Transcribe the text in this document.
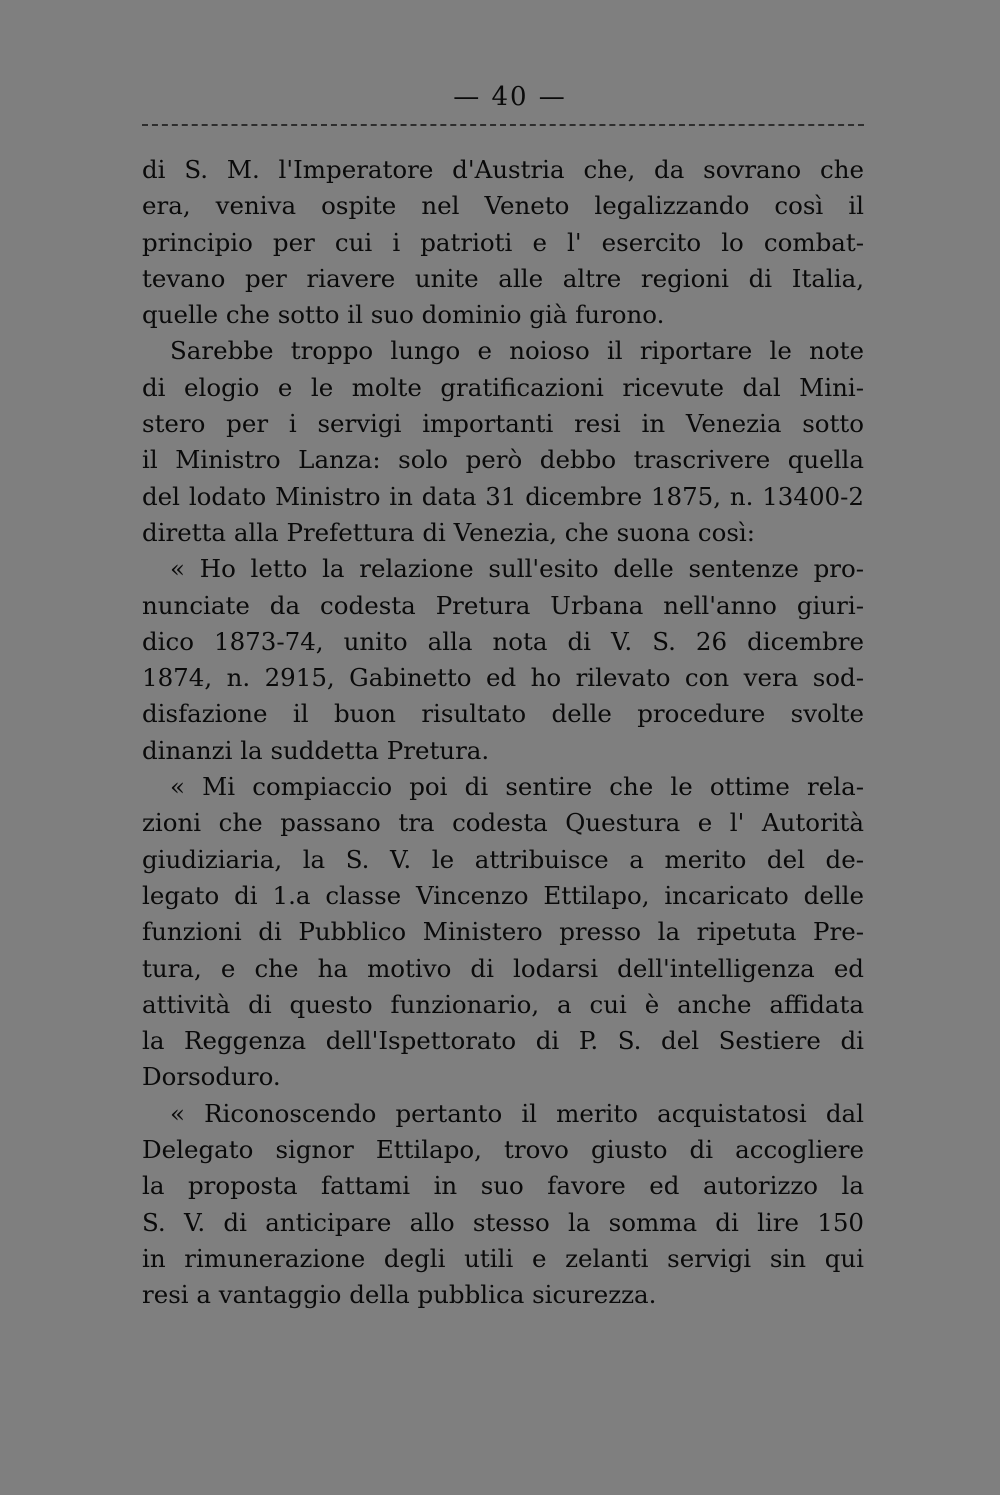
— 40 —
di S. M. l'Imperatore d'Austria che, da sovrano che
era, veniva ospite nel Veneto legalizzando così il
principio per cui i patrioti e l' esercito lo combat-
tevano per riavere unite alle altre regioni di Italia,
quelle che sotto il suo dominio già furono.
Sarebbe troppo lungo e noioso il riportare le note
di elogio e le molte gratificazioni ricevute dal Mini-
stero per i servigi importanti resi in Venezia sotto
il Ministro Lanza: solo però debbo trascrivere quella
del lodato Ministro in data 31 dicembre 1875, n. 13400-2
diretta alla Prefettura di Venezia, che suona così:
« Ho letto la relazione sull'esito delle sentenze pro-
nunciate da codesta Pretura Urbana nell'anno giuri-
dico 1873-74, unito alla nota di V. S. 26 dicembre
1874, n. 2915, Gabinetto ed ho rilevato con vera sod-
disfazione il buon risultato delle procedure svolte
dinanzi la suddetta Pretura.
« Mi compiaccio poi di sentire che le ottime rela-
zioni che passano tra codesta Questura e l' Autorità
giudiziaria, la S. V. le attribuisce a merito del de-
legato di 1.a classe Vincenzo Ettilapo, incaricato delle
funzioni di Pubblico Ministero presso la ripetuta Pre-
tura, e che ha motivo di lodarsi dell'intelligenza ed
attività di questo funzionario, a cui è anche affidata
la Reggenza dell'Ispettorato di P. S. del Sestiere di
Dorsoduro.
« Riconoscendo pertanto il merito acquistatosi dal
Delegato signor Ettilapo, trovo giusto di accogliere
la proposta fattami in suo favore ed autorizzo la
S. V. di anticipare allo stesso la somma di lire 150
in rimunerazione degli utili e zelanti servigi sin qui
resi a vantaggio della pubblica sicurezza.
